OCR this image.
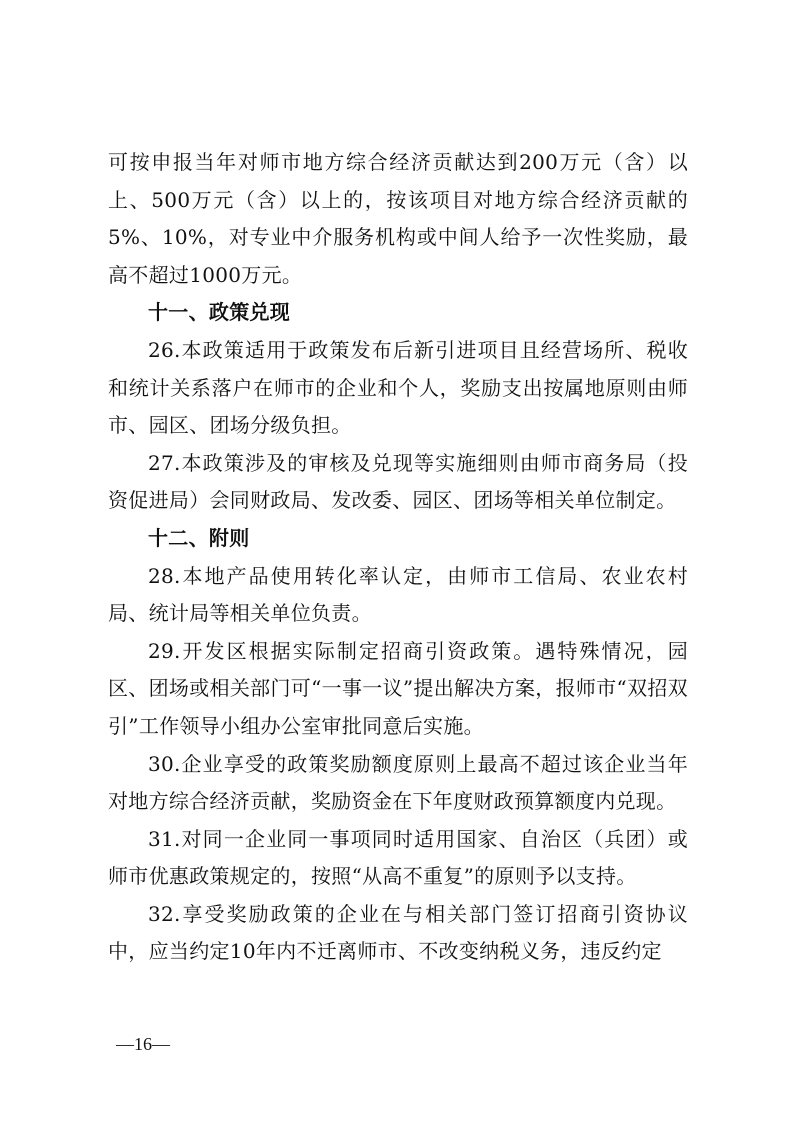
可按申报当年对师市地方综合经济贡献达到200万元（含）以上、500万元（含）以上的，按该项目对地方综合经济贡献的5%、10%，对专业中介服务机构或中间人给予一次性奖励，最高不超过1000万元。

十一、政策兑现

26.本政策适用于政策发布后新引进项目且经营场所、税收和统计关系落户在师市的企业和个人，奖励支出按属地原则由师市、园区、团场分级负担。

27.本政策涉及的审核及兑现等实施细则由师市商务局（投资促进局）会同财政局、发改委、园区、团场等相关单位制定。

十二、附则

28.本地产品使用转化率认定，由师市工信局、农业农村局、统计局等相关单位负责。

29.开发区根据实际制定招商引资政策。遇特殊情况，园区、团场或相关部门可“一事一议”提出解决方案，报师市“双招双引”工作领导小组办公室审批同意后实施。

30.企业享受的政策奖励额度原则上最高不超过该企业当年对地方综合经济贡献，奖励资金在下年度财政预算额度内兑现。

31.对同一企业同一事项同时适用国家、自治区（兵团）或师市优惠政策规定的，按照“从高不重复”的原则予以支持。

32.享受奖励政策的企业在与相关部门签订招商引资协议中，应当约定10年内不迁离师市、不改变纳税义务，违反约定

—16—
